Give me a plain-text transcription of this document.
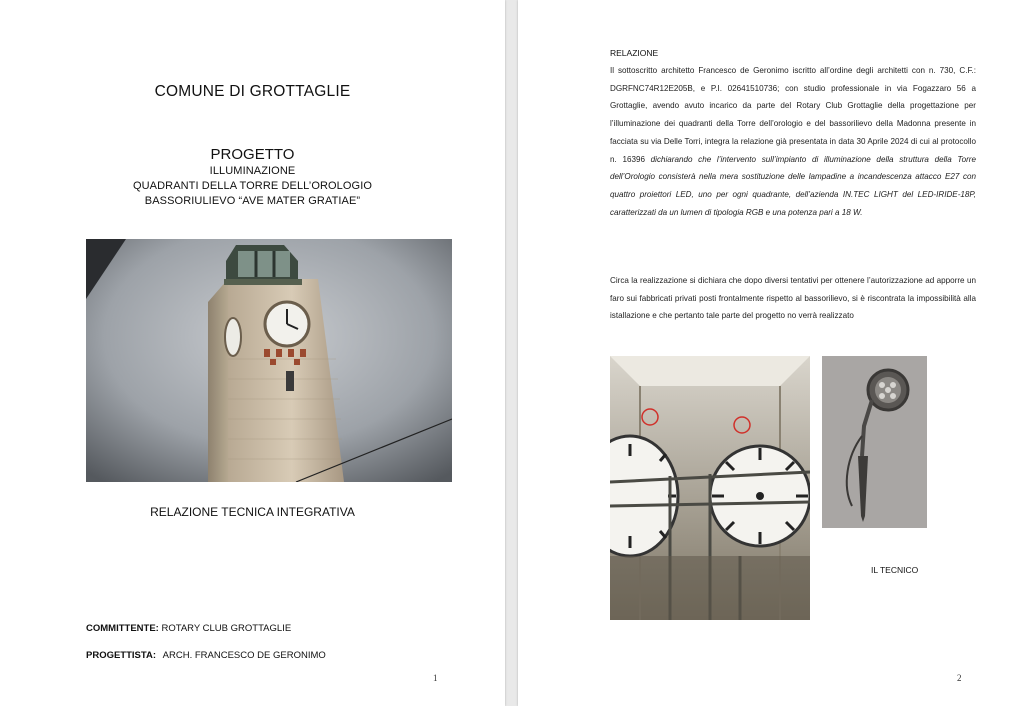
COMUNE DI GROTTAGLIE
PROGETTO
ILLUMINAZIONE
QUADRANTI DELLA TORRE DELL’OROLOGIO
BASSORIULIEVO “AVE MATER GRATIAE”
RELAZIONE TECNICA INTEGRATIVA
COMMITTENTE: ROTARY CLUB GROTTAGLIE
PROGETTISTA: ARCH. FRANCESCO DE GERONIMO
1
RELAZIONE
Il sottoscritto architetto Francesco de Geronimo iscritto all’ordine degli architetti con n. 730, C.F.: DGRFNC74R12E205B, e P.I. 02641510736; con studio professionale in via Fogazzaro 56 a Grottaglie, avendo avuto incarico da parte del Rotary Club Grottaglie della progettazione per l’illuminazione dei quadranti della Torre dell’orologio e del bassorilievo della Madonna presente in facciata su via Delle Torri, integra la relazione già presentata in data 30 Aprile 2024 di cui al protocollo n. 16396 dichiarando che l’intervento sull’impianto di illuminazione della struttura della Torre dell’Orologio consisterà nella mera sostituzione delle lampadine a incandescenza attacco E27 con quattro proiettori LED, uno per ogni quadrante, dell’azienda IN.TEC LIGHT del LED-IRIDE-18P, caratterizzati da un lumen di tipologia RGB e una potenza pari a 18 W.
Circa la realizzazione si dichiara che dopo diversi tentativi per ottenere l’autorizzazione ad apporre un faro sui fabbricati privati posti frontalmente rispetto al bassorilievo, si è riscontrata la impossibilità alla istallazione e che pertanto tale parte del progetto no verrà realizzato
IL TECNICO
2
